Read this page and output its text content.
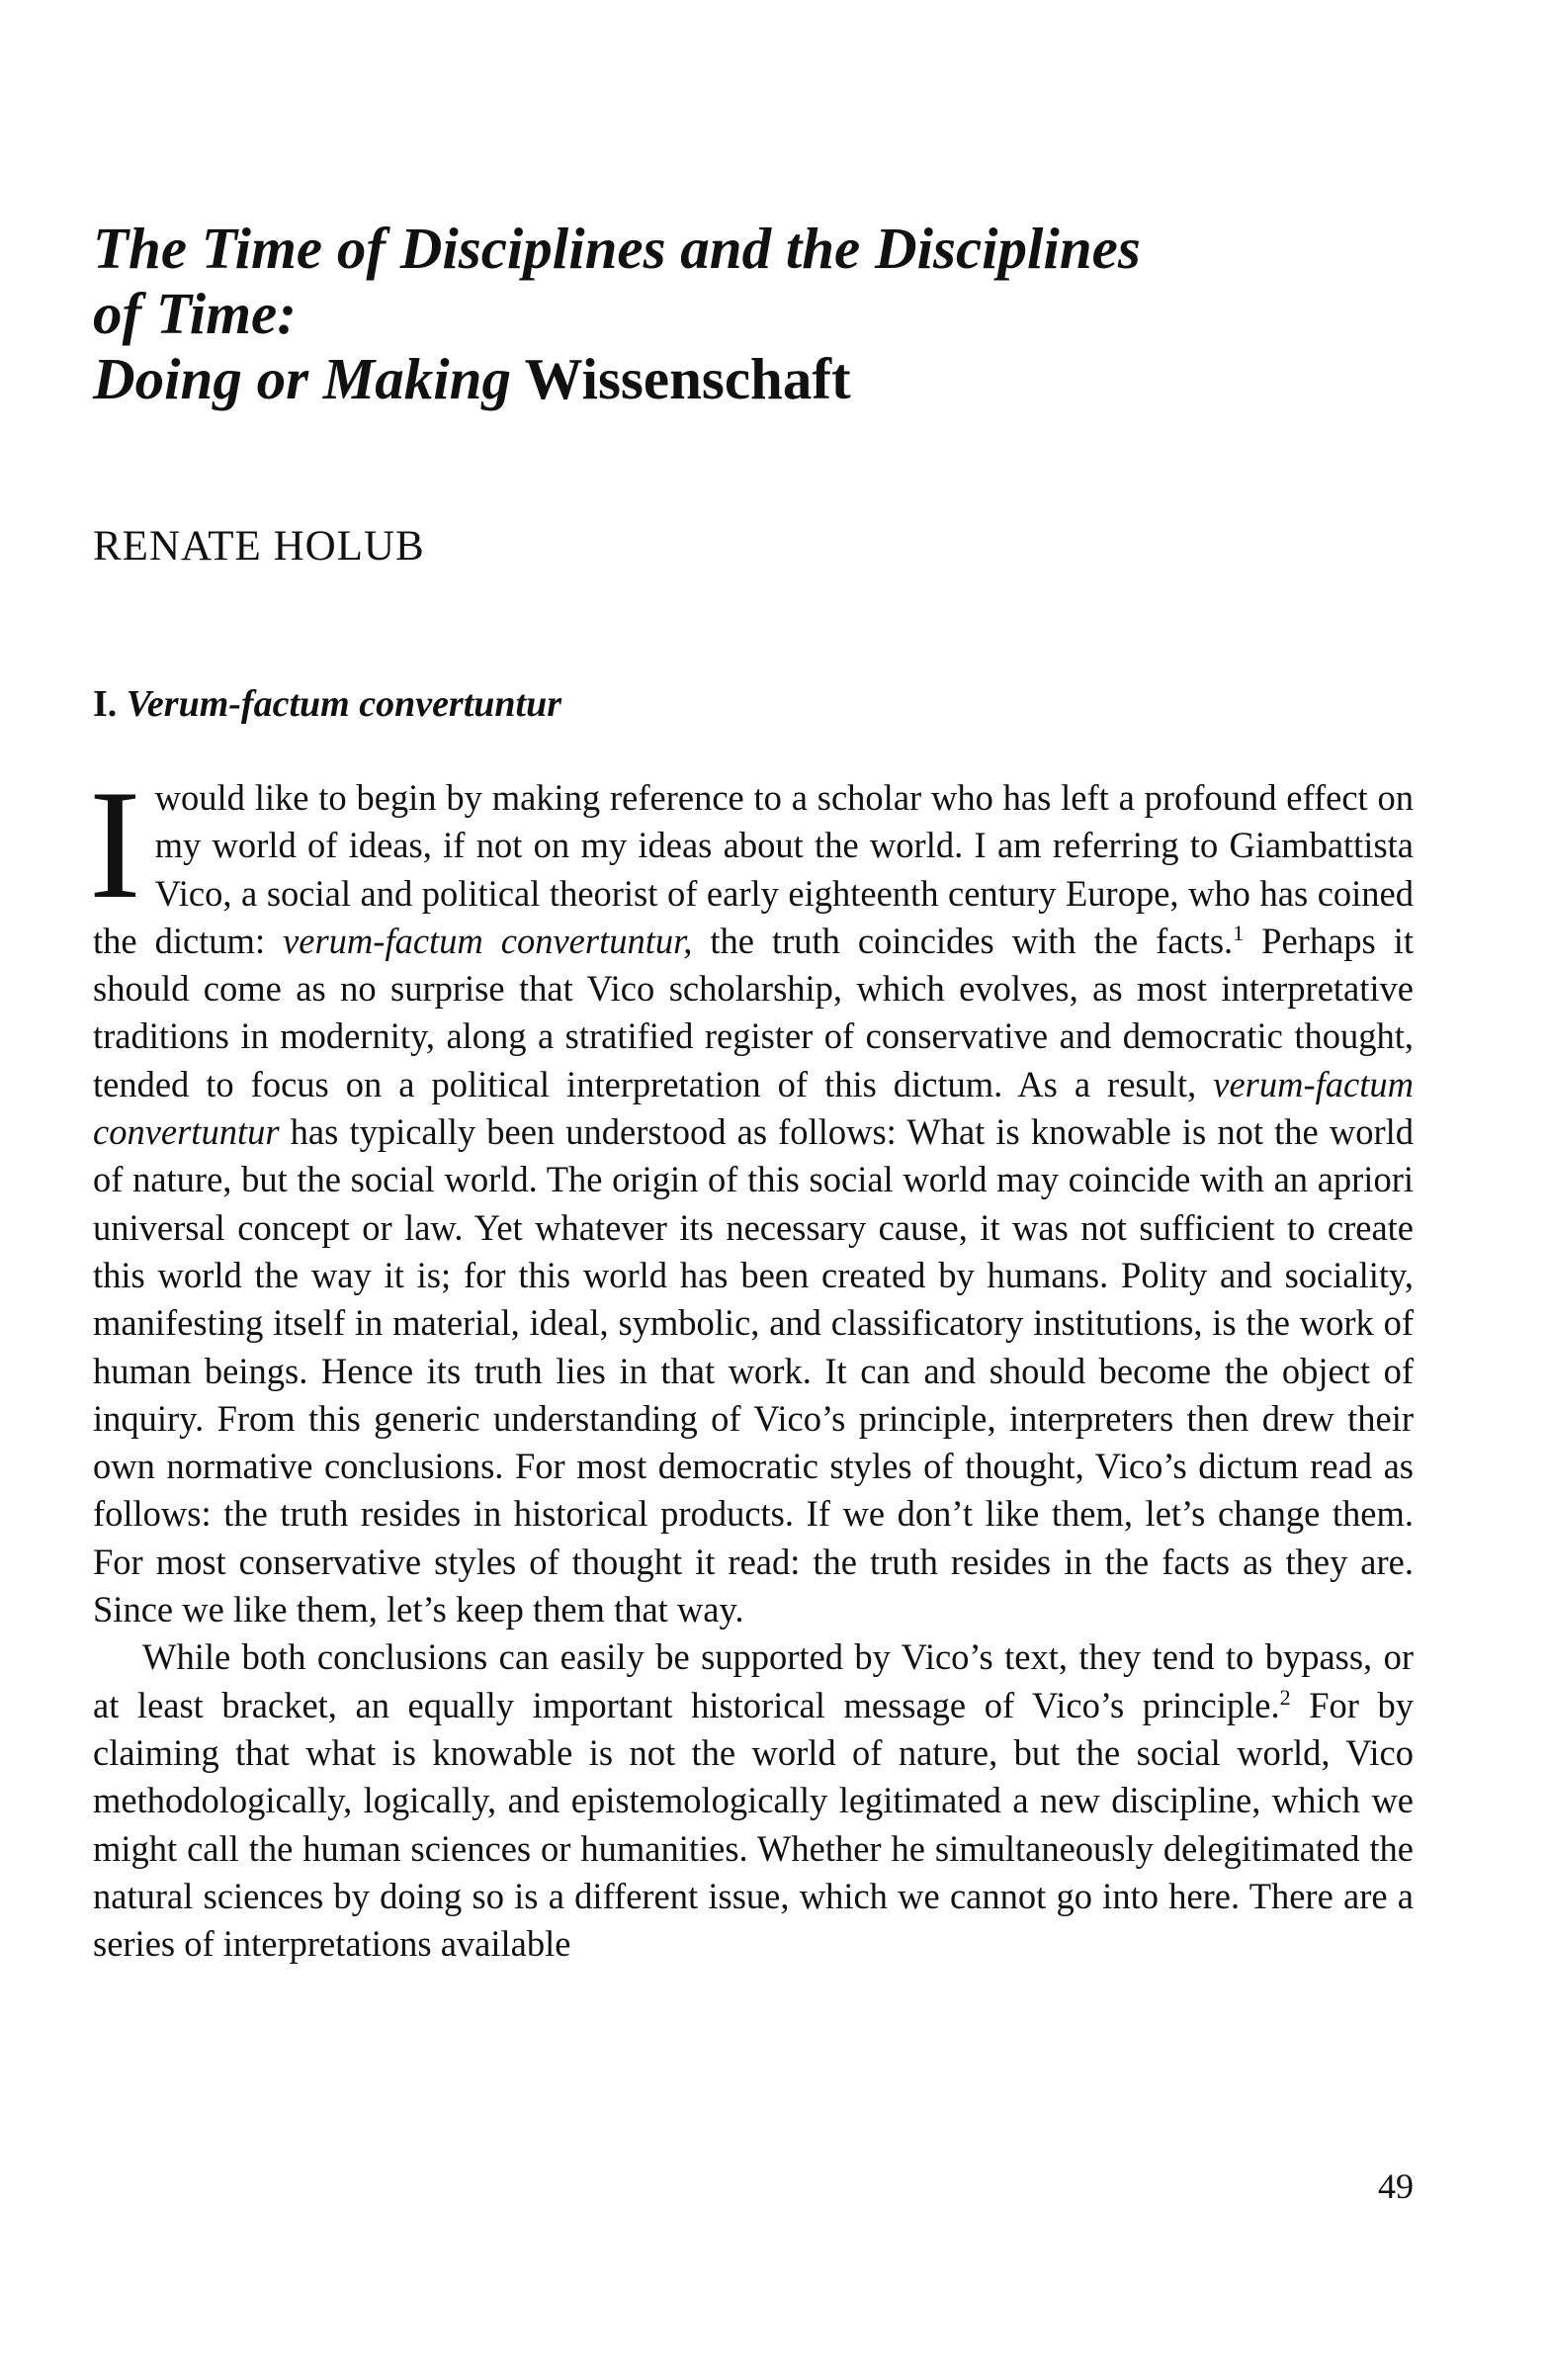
The Time of Disciplines and the Disciplines
of Time:
Doing or Making Wissenschaft
RENATE HOLUB
I. Verum-factum convertuntur

Iwould like to begin by making reference to a scholar who has left a profound effect on my world of ideas, if not on my ideas about the world. I am referring to Giambattista Vico, a social and political theorist of early eighteenth century Europe, who has coined the dictum: verum-factum convertuntur, the truth coincides with the facts.$^1$ Perhaps it should come as no surprise that Vico scholarship, which evolves, as most interpretative traditions in modernity, along a stratified register of conservative and democratic thought, tended to focus on a political interpretation of this dictum. As a result, verum-factum convertuntur has typically been understood as follows: What is knowable is not the world of nature, but the social world. The origin of this social world may coincide with an apriori universal concept or law. Yet whatever its necessary cause, it was not sufficient to create this world the way it is; for this world has been created by humans. Polity and sociality, manifesting itself in material, ideal, symbolic, and classificatory institutions, is the work of human beings. Hence its truth lies in that work. It can and should become the object of inquiry. From this generic understanding of Vico’s principle, interpreters then drew their own normative conclusions. For most democratic styles of thought, Vico’s dictum read as follows: the truth resides in historical products. If we don’t like them, let’s change them. For most conservative styles of thought it read: the truth resides in the facts as they are. Since we like them, let’s keep them that way.

While both conclusions can easily be supported by Vico’s text, they tend to bypass, or at least bracket, an equally important historical message of Vico’s principle.$^2$ For by claiming that what is knowable is not the world of nature, but the social world, Vico methodologically, logically, and epistemologically legitimated a new discipline, which we might call the human sciences or humanities. Whether he simultaneously delegitimated the natural sciences by doing so is a different issue, which we cannot go into here. There are a series of interpretations available

49
